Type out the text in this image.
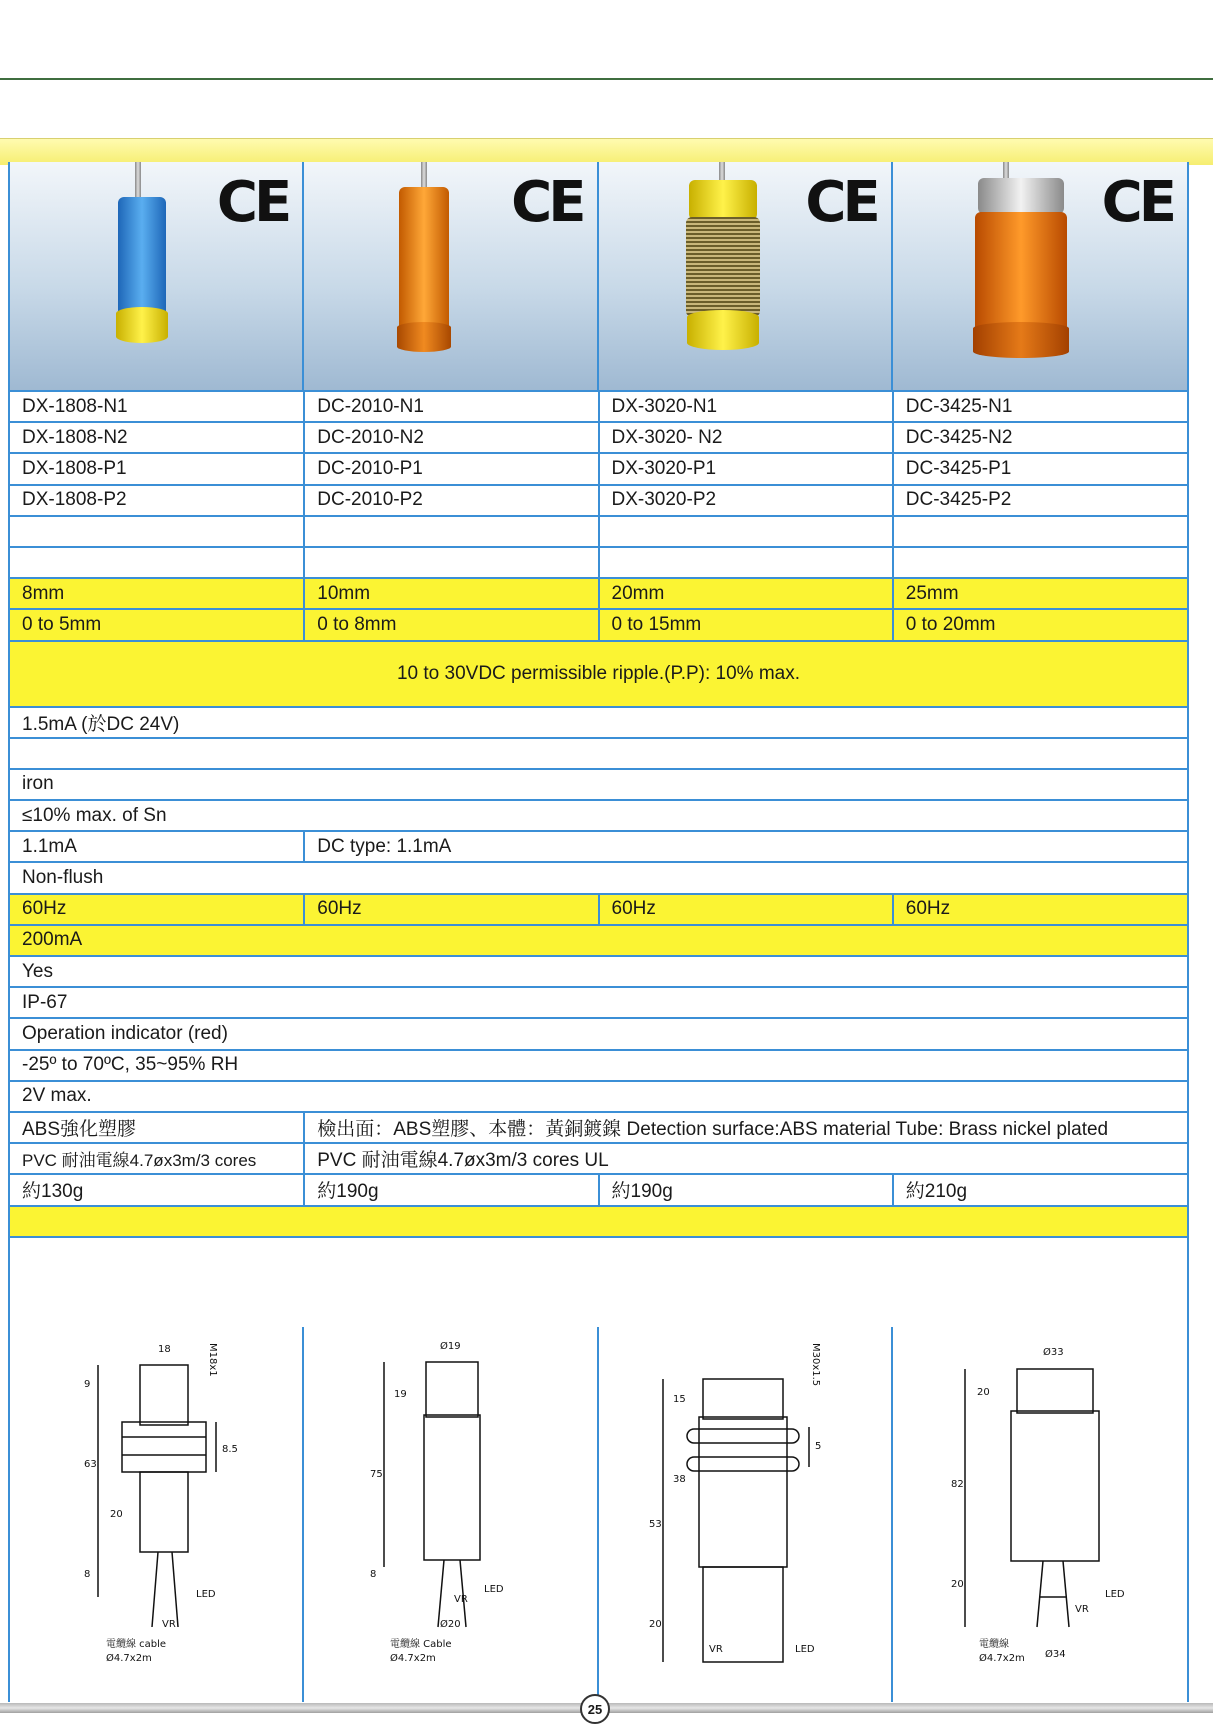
CE	CE	CE	CE
DX-1808-N1	DC-2010-N1	DX-3020-N1	DC-3425-N1
DX-1808-N2	DC-2010-N2	DX-3020- N2	DC-3425-N2
DX-1808-P1	DC-2010-P1	DX-3020-P1	DC-3425-P1
DX-1808-P2	DC-2010-P2	DX-3020-P2	DC-3425-P2

8mm	10mm	20mm	25mm
0 to 5mm	0 to 8mm	0 to 15mm	0 to 20mm
10 to 30VDC permissible ripple.(P.P): 10% max.			
1.5mA (於DC 24V)			

iron			
≤10% max. of Sn			
1.1mA	DC type: 1.1mA		
Non-flush			
60Hz	60Hz	60Hz	60Hz
200mA			
Yes			
IP-67			
Operation indicator (red)			
-25º to 70ºC, 35~95% RH			
2V max.			
ABS強化塑膠	檢出面：ABS塑膠、本體：黃銅鍍鎳 Detection surface:ABS material Tube: Brass nickel plated		
PVC 耐油電線4.7øx3m/3 cores	PVC 耐油電線4.7øx3m/3 cores UL		
約130g	約190g	約190g	約210g

18	M18x1
9
63
8.5
20
8
VR
LED
電纜線 cable
Ø4.7x2m
Ø19
19
75
8
VR
LED
Ø20
電纜線 Cable
Ø4.7x2m
M30x1.5
15
38
5
53
20
VR	LED
Ø33
20
82
20
VR
LED
Ø34
電纜線
Ø4.7x2m
25
